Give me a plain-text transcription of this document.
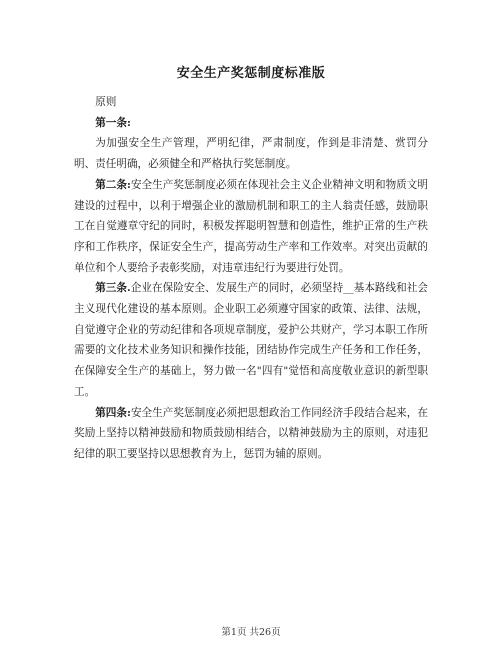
安全生产奖惩制度标准版

原则

第一条:

为加强安全生产管理，严明纪律，严肃制度，作到是非清楚、赏罚分明、责任明确，必须健全和严格执行奖惩制度。

第二条:安全生产奖惩制度必须在体现社会主义企业精神文明和物质文明建设的过程中，以利于增强企业的激励机制和职工的主人翁责任感，鼓励职工在自觉遵章守纪的同时，积极发挥聪明智慧和创造性，维护正常的生产秩序和工作秩序，保证安全生产，提高劳动生产率和工作效率。对突出贡献的单位和个人要给予表彰奖励，对违章违纪行为要进行处罚。

第三条.企业在保险安全、发展生产的同时，必须坚持__基本路线和社会主义现代化建设的基本原则。企业职工必须遵守国家的政策、法律、法规，自觉遵守企业的劳动纪律和各项规章制度，爱护公共财产，学习本职工作所需要的文化技术业务知识和操作技能，团结协作完成生产任务和工作任务，在保障安全生产的基础上，努力做一名"四有"觉悟和高度敬业意识的新型职工。

第四条:安全生产奖惩制度必须把思想政治工作同经济手段结合起来，在奖励上坚持以精神鼓励和物质鼓励相结合，以精神鼓励为主的原则，对违犯纪律的职工要坚持以思想教育为上，惩罚为辅的原则。

第1页 共26页
